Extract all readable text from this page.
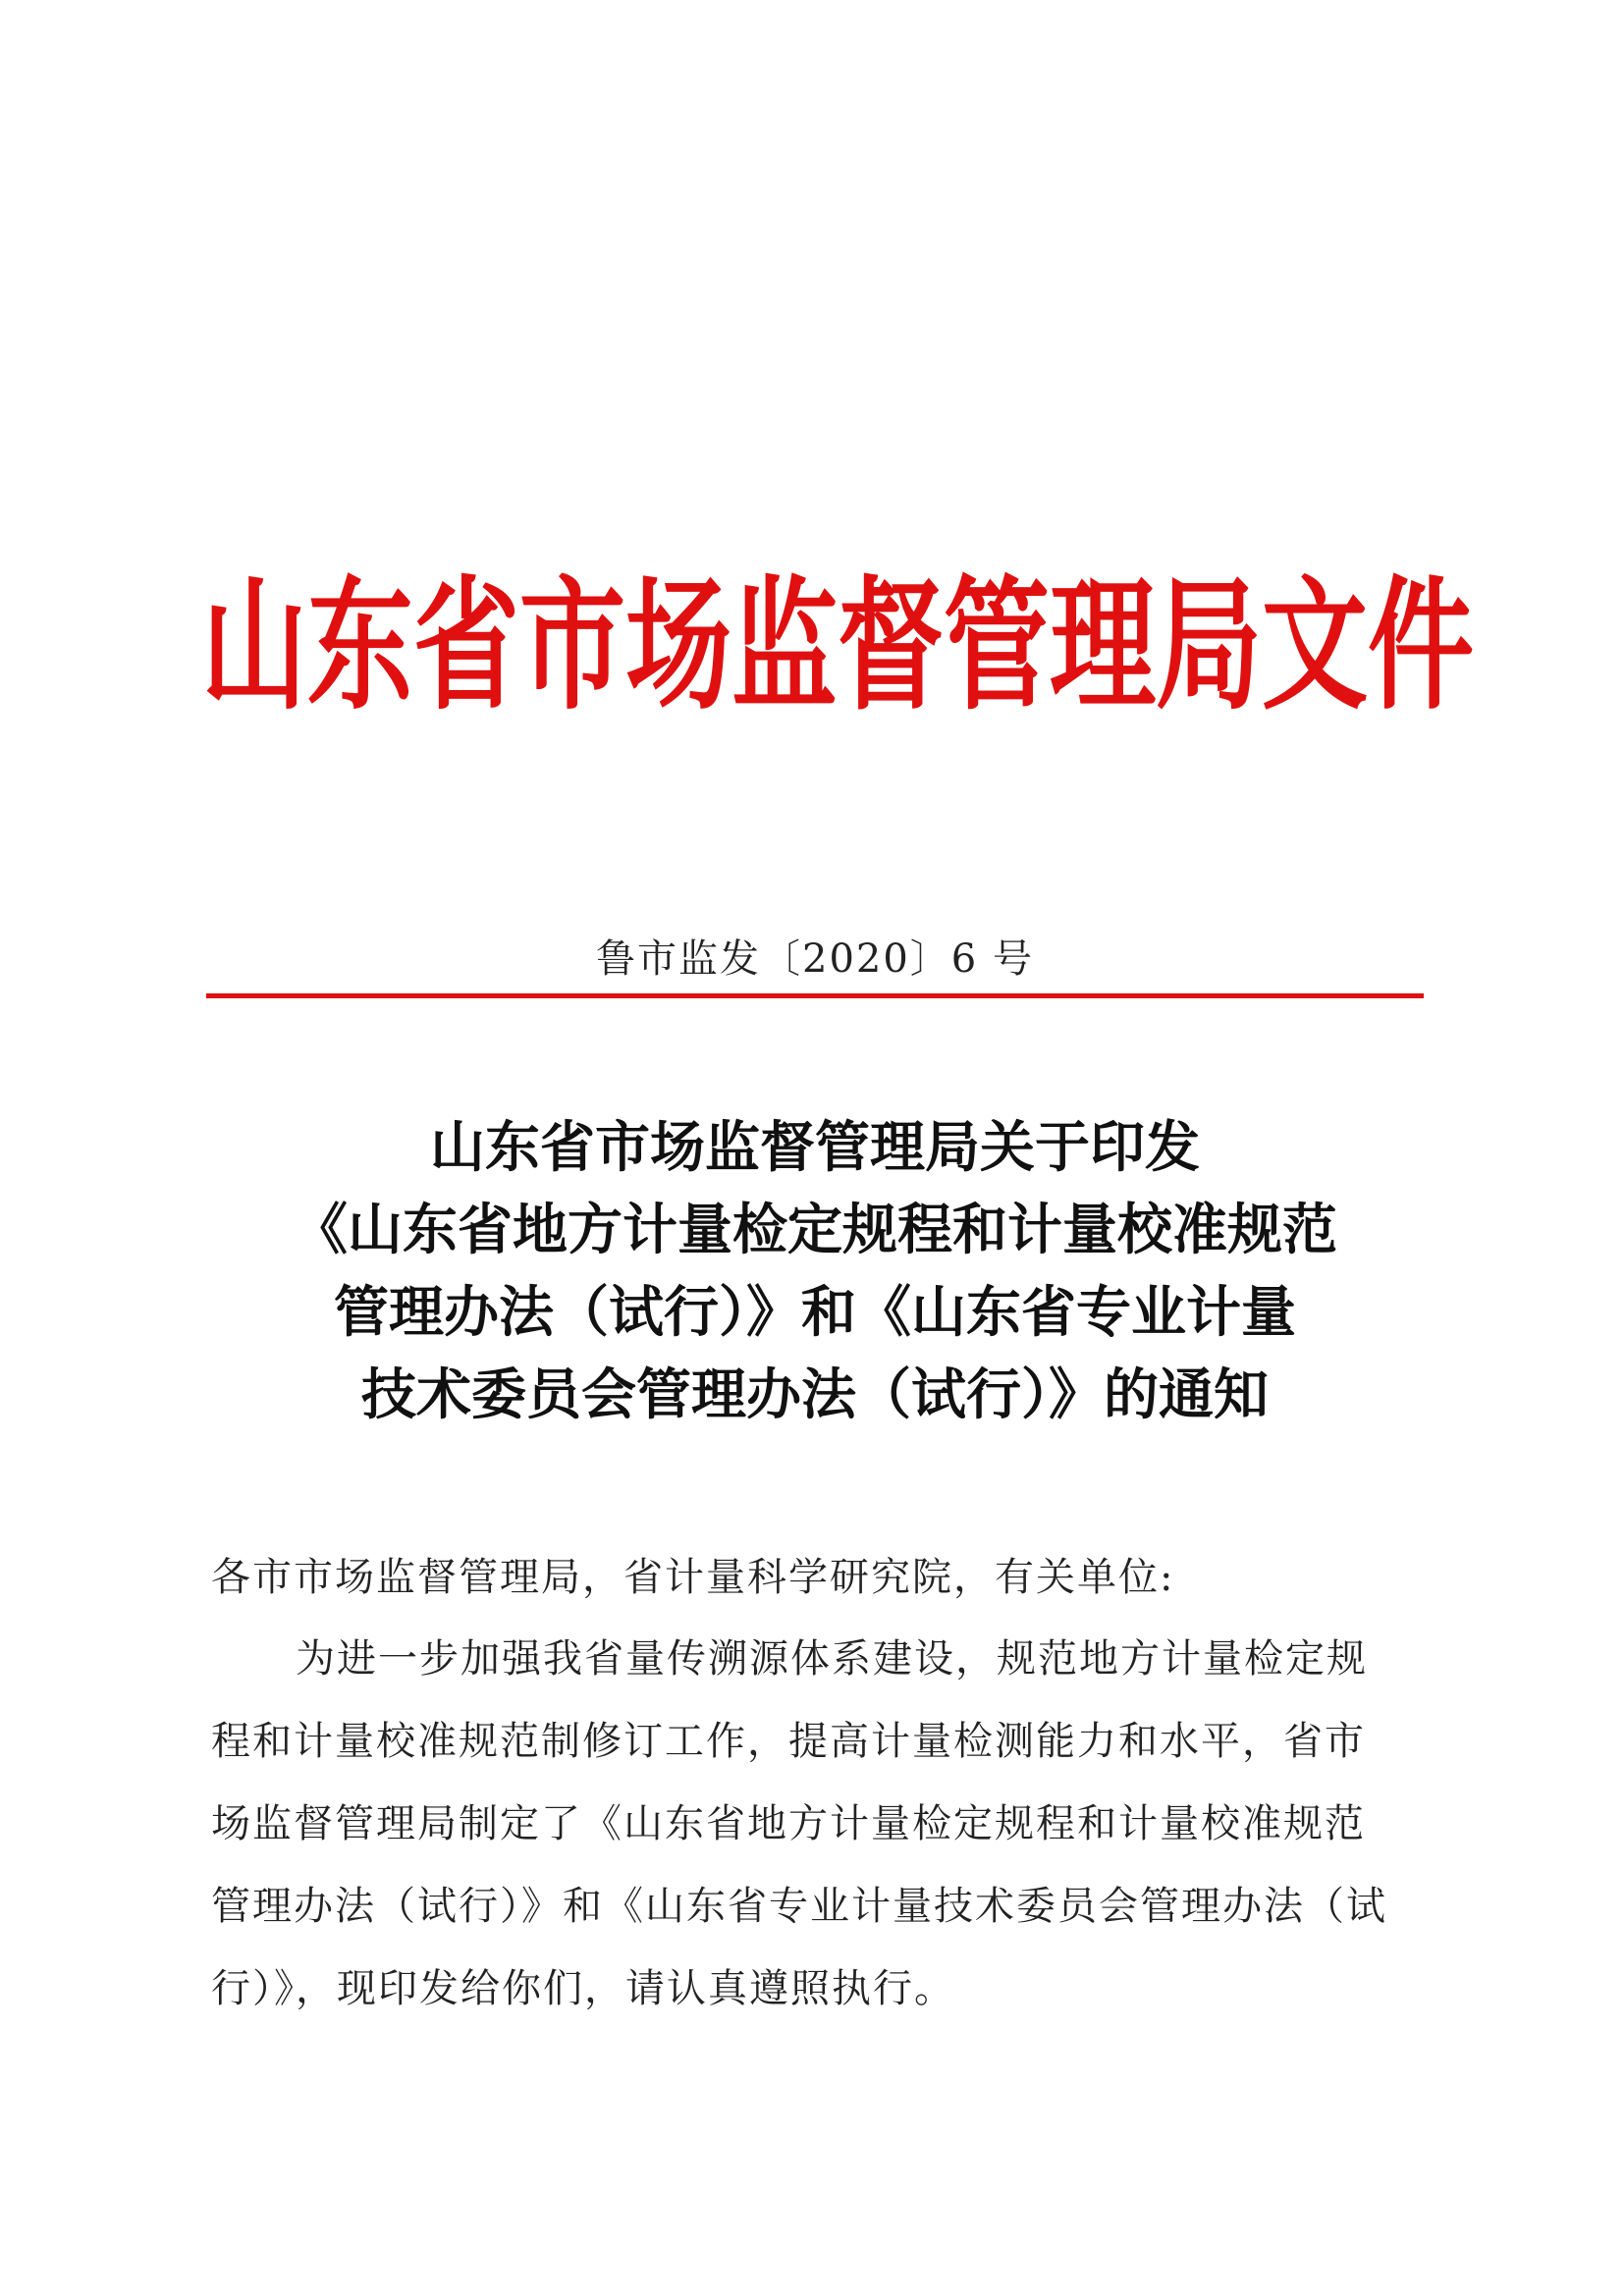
山东省市场监督管理局文件
鲁市监发〔2020〕6 号
山东省市场监督管理局关于印发
《山东省地方计量检定规程和计量校准规范
管理办法（试行）》和《山东省专业计量
技术委员会管理办法（试行）》的通知
各市市场监督管理局，省计量科学研究院，有关单位:
为进一步加强我省量传溯源体系建设，规范地方计量检定规
程和计量校准规范制修订工作，提高计量检测能力和水平，省市
场监督管理局制定了《山东省地方计量检定规程和计量校准规范
管理办法（试行）》和《山东省专业计量技术委员会管理办法（试
行）》，现印发给你们，请认真遵照执行。
